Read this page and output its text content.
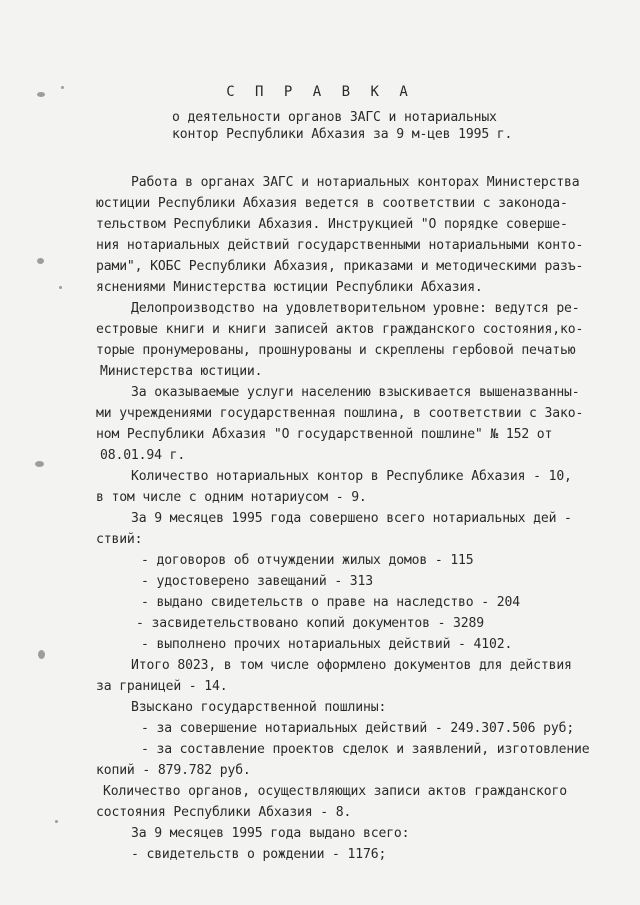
С П Р А В К А
о деятельности органов ЗАГС и нотариальных
контор Республики Абхазия за 9 м-цев 1995 г.
Работа в органах ЗАГС и нотариальных конторах Министерства
юстиции Республики Абхазия ведется в соответствии с законода-
тельством Республики Абхазия. Инструкцией "О порядке соверше-
ния нотариальных действий государственными нотариальными конто-
рами", КОБС Республики Абхазия, приказами и методическими разъ-
яснениями Министерства юстиции Республики Абхазия.
Делопроизводство на удовлетворительном уровне: ведутся ре-
естровые книги и книги записей актов гражданского состояния,ко-
торые пронумерованы, прошнурованы и скреплены гербовой печатью
Министерства юстиции.
За оказываемые услуги населению взыскивается вышеназванны-
ми учреждениями государственная пошлина, в соответствии с Зако-
ном Республики Абхазия "О государственной пошлине" № 152 от
08.01.94 г.
Количество нотариальных контор в Республике Абхазия - 10,
в том числе с одним нотариусом - 9.
За 9 месяцев 1995 года совершено всего нотариальных дей -
ствий:
- договоров об отчуждении жилых домов - 115
- удостоверено завещаний - 313
- выдано свидетельств о праве на наследство - 204
- засвидетельствовано копий документов - 3289
- выполнено прочих нотариальных действий - 4102.
Итого 8023, в том числе оформлено документов для действия
за границей - 14.
Взыскано государственной пошлины:
- за совершение нотариальных действий - 249.307.506 руб;
- за составление проектов сделок и заявлений, изготовление
копий - 879.782 руб.
Количество органов, осуществляющих записи актов гражданского
состояния Республики Абхазия - 8.
За 9 месяцев 1995 года выдано всего:
- свидетельств о рождении - 1176;
